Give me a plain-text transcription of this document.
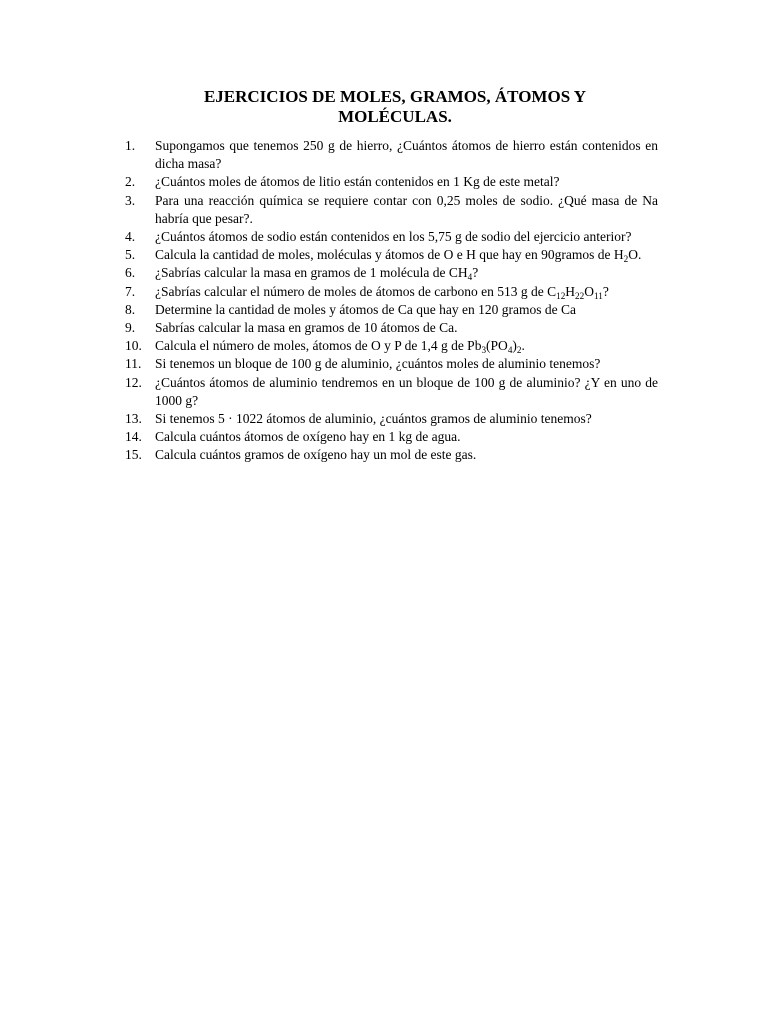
EJERCICIOS DE MOLES, GRAMOS, ÁTOMOS Y
MOLÉCULAS.
1.	Supongamos que tenemos 250 g de hierro, ¿Cuántos átomos de hierro están contenidos en dicha masa?
2.	¿Cuántos moles de átomos de litio están contenidos en 1 Kg de este metal?
3.	Para una reacción química se requiere contar con 0,25 moles de sodio. ¿Qué masa de Na habría que pesar?.
4.	¿Cuántos átomos de sodio están contenidos en los 5,75 g de sodio del ejercicio anterior?
5.	Calcula la cantidad de moles, moléculas y átomos de O e H que hay en 90gramos de $H_2O$.
6.	¿Sabrías calcular la masa en gramos de 1 molécula de $CH_4$?
7.	¿Sabrías calcular el número de moles de átomos de carbono en 513 g de $C_{12}H_{22}O_{11}$?
8.	Determine la cantidad de moles y átomos de Ca que hay en 120 gramos de Ca
9.	Sabrías calcular la masa en gramos de 10 átomos de Ca.
10. Calcula el número de moles, átomos de O y P de 1,4 g de $Pb_3(PO_4)_2$.
11.	Si tenemos un bloque de 100 g de aluminio, ¿cuántos moles de aluminio tenemos?
12. ¿Cuántos átomos de aluminio tendremos en un bloque de 100 g de aluminio? ¿Y en uno de 1000 g?
13. Si tenemos 5 · 1022 átomos de aluminio, ¿cuántos gramos de aluminio tenemos?
14. Calcula cuántos átomos de oxígeno hay en 1 kg de agua.
15. Calcula cuántos gramos de oxígeno hay un mol de este gas.
